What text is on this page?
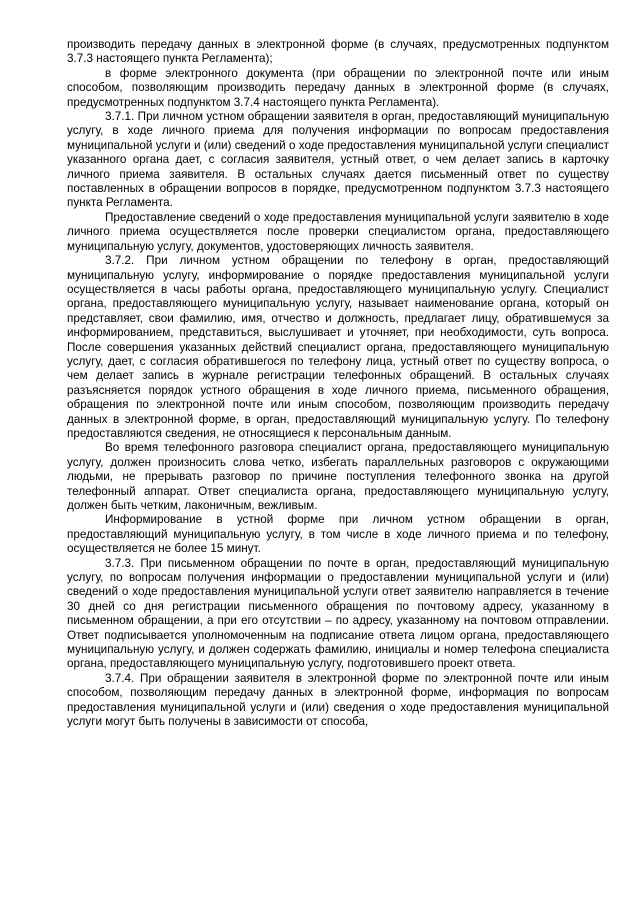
производить передачу данных в электронной форме (в случаях, предусмотренных подпунктом 3.7.3 настоящего пункта Регламента);

в форме электронного документа (при обращении по электронной почте или иным способом, позволяющим производить передачу данных в электронной форме (в случаях, предусмотренных подпунктом 3.7.4 настоящего пункта Регламента).

3.7.1. При личном устном обращении заявителя в орган, предоставляющий муниципальную услугу, в ходе личного приема для получения информации по вопросам предоставления муниципальной услуги и (или) сведений о ходе предоставления муниципальной услуги специалист указанного органа дает, с согласия заявителя, устный ответ, о чем делает запись в карточку личного приема заявителя. В остальных случаях дается письменный ответ по существу поставленных в обращении вопросов в порядке, предусмотренном подпунктом 3.7.3 настоящего пункта Регламента.

Предоставление сведений о ходе предоставления муниципальной услуги заявителю в ходе личного приема осуществляется после проверки специалистом органа, предоставляющего муниципальную услугу, документов, удостоверяющих личность заявителя.

3.7.2. При личном устном обращении по телефону в орган, предоставляющий муниципальную услугу, информирование о порядке предоставления муниципальной услуги осуществляется в часы работы органа, предоставляющего муниципальную услугу. Специалист органа, предоставляющего муниципальную услугу, называет наименование органа, который он представляет, свои фамилию, имя, отчество и должность, предлагает лицу, обратившемуся за информированием, представиться, выслушивает и уточняет, при необходимости, суть вопроса. После совершения указанных действий специалист органа, предоставляющего муниципальную услугу, дает, с согласия обратившегося по телефону лица, устный ответ по существу вопроса, о чем делает запись в журнале регистрации телефонных обращений. В остальных случаях разъясняется порядок устного обращения в ходе личного приема, письменного обращения, обращения по электронной почте или иным способом, позволяющим производить передачу данных в электронной форме, в орган, предоставляющий муниципальную услугу. По телефону предоставляются сведения, не относящиеся к персональным данным.

Во время телефонного разговора специалист органа, предоставляющего муниципальную услугу, должен произносить слова четко, избегать параллельных разговоров с окружающими людьми, не прерывать разговор по причине поступления телефонного звонка на другой телефонный аппарат. Ответ специалиста органа, предоставляющего муниципальную услугу, должен быть четким, лаконичным, вежливым.

Информирование в устной форме при личном устном обращении в орган, предоставляющий муниципальную услугу, в том числе в ходе личного приема и по телефону, осуществляется не более 15 минут.

3.7.3. При письменном обращении по почте в орган, предоставляющий муниципальную услугу, по вопросам получения информации о предоставлении муниципальной услуги и (или) сведений о ходе предоставления муниципальной услуги ответ заявителю направляется в течение 30 дней со дня регистрации письменного обращения по почтовому адресу, указанному в письменном обращении, а при его отсутствии – по адресу, указанному на почтовом отправлении. Ответ подписывается уполномоченным на подписание ответа лицом органа, предоставляющего муниципальную услугу, и должен содержать фамилию, инициалы и номер телефона специалиста органа, предоставляющего муниципальную услугу, подготовившего проект ответа.

3.7.4. При обращении заявителя в электронной форме по электронной почте или иным способом, позволяющим передачу данных в электронной форме, информация по вопросам предоставления муниципальной услуги и (или) сведения о ходе предоставления муниципальной услуги могут быть получены в зависимости от способа,
